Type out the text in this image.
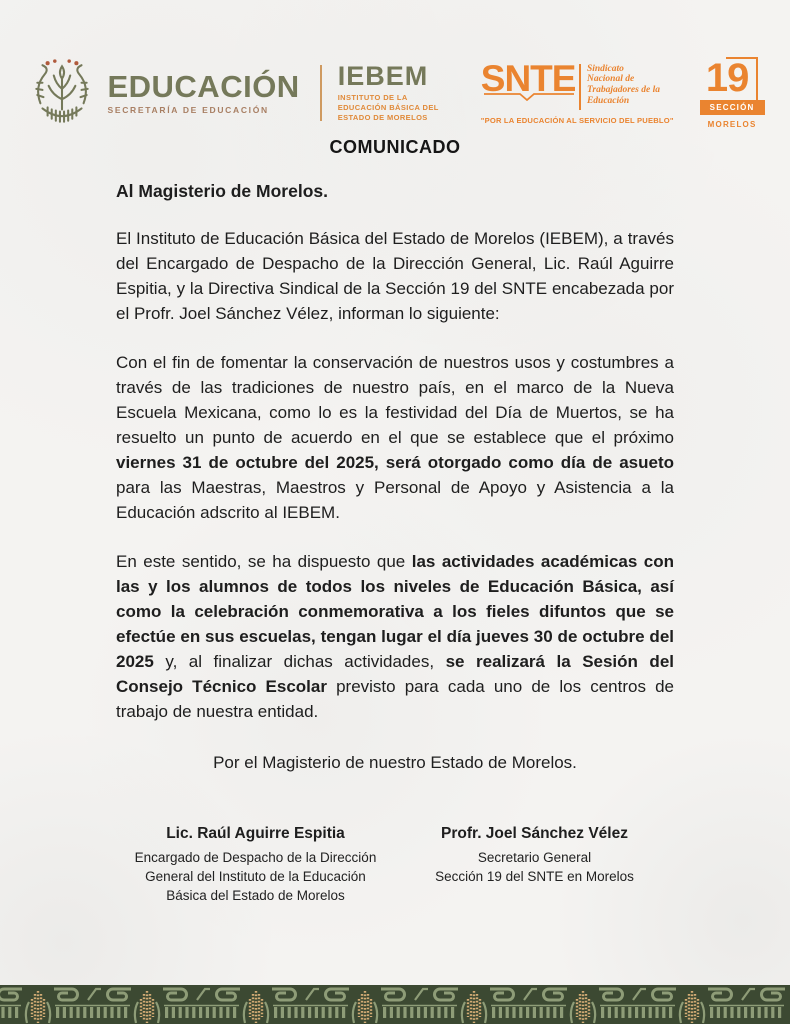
EDUCACIÓN
SECRETARÍA DE EDUCACIÓN
IEBEM
INSTITUTO DE LA
EDUCACIÓN BÁSICA DEL
ESTADO DE MORELOS
SNTE Sindicato
Nacional de
Trabajadores de la
Educación
"POR LA EDUCACIÓN AL SERVICIO DEL PUEBLO"
19
SECCIÓN
MORELOS
COMUNICADO
Al Magisterio de Morelos.

El Instituto de Educación Básica del Estado de Morelos (IEBEM), a través del Encargado de Despacho de la Dirección General, Lic. Raúl Aguirre Espitia, y la Directiva Sindical de la Sección 19 del SNTE encabezada por el Profr. Joel Sánchez Vélez, informan lo siguiente:

Con el fin de fomentar la conservación de nuestros usos y costumbres a través de las tradiciones de nuestro país, en el marco de la Nueva Escuela Mexicana, como lo es la festividad del Día de Muertos, se ha resuelto un punto de acuerdo en el que se establece que el próximo viernes 31 de octubre del 2025, será otorgado como día de asueto para las Maestras, Maestros y Personal de Apoyo y Asistencia a la Educación adscrito al IEBEM.

En este sentido, se ha dispuesto que las actividades académicas con las y los alumnos de todos los niveles de Educación Básica, así como la celebración conmemorativa a los fieles difuntos que se efectúe en sus escuelas, tengan lugar el día jueves 30 de octubre del 2025 y, al finalizar dichas actividades, se realizará la Sesión del Consejo Técnico Escolar previsto para cada uno de los centros de trabajo de nuestra entidad.

Por el Magisterio de nuestro Estado de Morelos.
Lic. Raúl Aguirre Espitia
Encargado de Despacho de la Dirección
General del Instituto de la Educación
Básica del Estado de Morelos
Profr. Joel Sánchez Vélez
Secretario General
Sección 19 del SNTE en Morelos
